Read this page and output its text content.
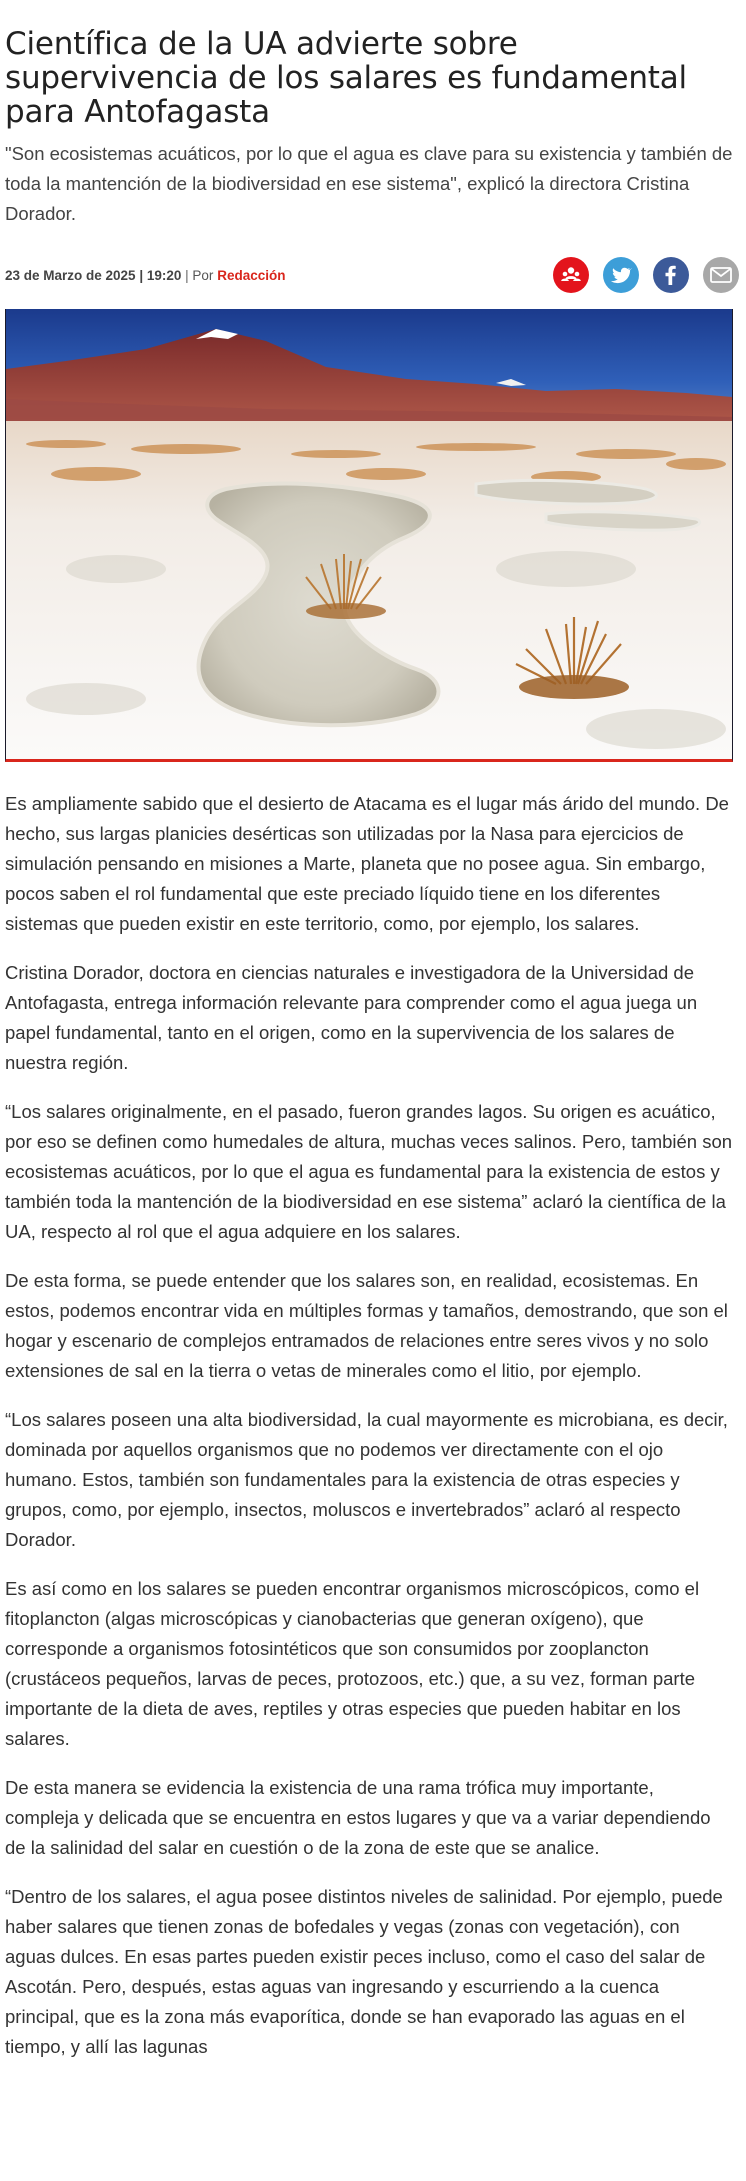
Científica de la UA advierte sobre supervivencia de los salares es fundamental para Antofagasta

"Son ecosistemas acuáticos, por lo que el agua es clave para su existencia y también de toda la mantención de la biodiversidad en ese sistema", explicó la directora Cristina Dorador.

23 de Marzo de 2025 | 19:20 | Por Redacción

Es ampliamente sabido que el desierto de Atacama es el lugar más árido del mundo. De hecho, sus largas planicies desérticas son utilizadas por la Nasa para ejercicios de simulación pensando en misiones a Marte, planeta que no posee agua. Sin embargo, pocos saben el rol fundamental que este preciado líquido tiene en los diferentes sistemas que pueden existir en este territorio, como, por ejemplo, los salares.

Cristina Dorador, doctora en ciencias naturales e investigadora de la Universidad de Antofagasta, entrega información relevante para comprender como el agua juega un papel fundamental, tanto en el origen, como en la supervivencia de los salares de nuestra región.

“Los salares originalmente, en el pasado, fueron grandes lagos. Su origen es acuático, por eso se definen como humedales de altura, muchas veces salinos. Pero, también son ecosistemas acuáticos, por lo que el agua es fundamental para la existencia de estos y también toda la mantención de la biodiversidad en ese sistema” aclaró la científica de la UA, respecto al rol que el agua adquiere en los salares.

De esta forma, se puede entender que los salares son, en realidad, ecosistemas. En estos, podemos encontrar vida en múltiples formas y tamaños, demostrando, que son el hogar y escenario de complejos entramados de relaciones entre seres vivos y no solo extensiones de sal en la tierra o vetas de minerales como el litio, por ejemplo.

“Los salares poseen una alta biodiversidad, la cual mayormente es microbiana, es decir, dominada por aquellos organismos que no podemos ver directamente con el ojo humano. Estos, también son fundamentales para la existencia de otras especies y grupos, como, por ejemplo, insectos, moluscos e invertebrados” aclaró al respecto Dorador.

Es así como en los salares se pueden encontrar organismos microscópicos, como el fitoplancton (algas microscópicas y cianobacterias que generan oxígeno), que corresponde a organismos fotosintéticos que son consumidos por zooplancton (crustáceos pequeños, larvas de peces, protozoos, etc.) que, a su vez, forman parte importante de la dieta de aves, reptiles y otras especies que pueden habitar en los salares.

De esta manera se evidencia la existencia de una rama trófica muy importante, compleja y delicada que se encuentra en estos lugares y que va a variar dependiendo de la salinidad del salar en cuestión o de la zona de este que se analice.

“Dentro de los salares, el agua posee distintos niveles de salinidad. Por ejemplo, puede haber salares que tienen zonas de bofedales y vegas (zonas con vegetación), con aguas dulces. En esas partes pueden existir peces incluso, como el caso del salar de Ascotán. Pero, después, estas aguas van ingresando y escurriendo a la cuenca principal, que es la zona más evaporítica, donde se han evaporado las aguas en el tiempo, y allí las lagunas
